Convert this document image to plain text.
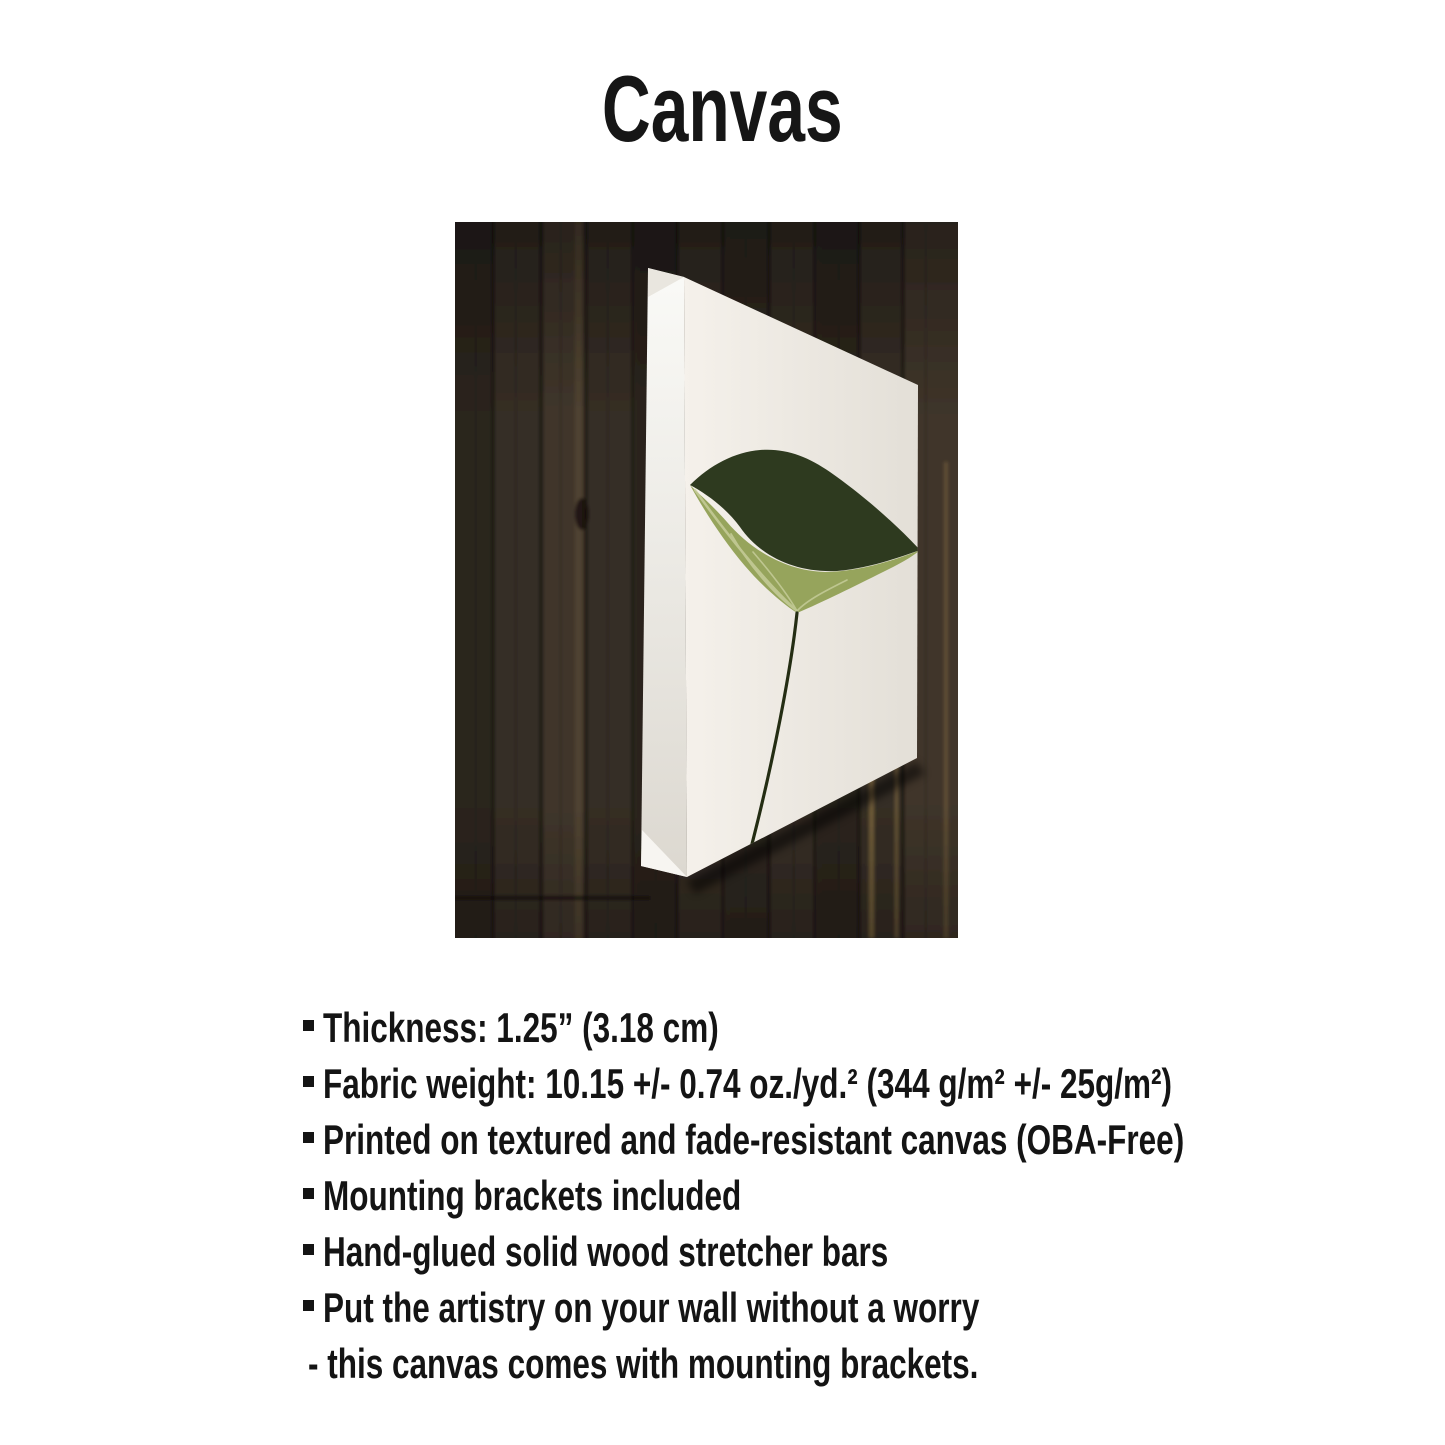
Canvas
Thickness: 1.25” (3.18 cm)
Fabric weight: 10.15 +/- 0.74 oz./yd.² (344 g/m² +/- 25g/m²)
Printed on textured and fade-resistant canvas (OBA-Free)
Mounting brackets included
Hand-glued solid wood stretcher bars
Put the artistry on your wall without a worry
- this canvas comes with mounting brackets.
